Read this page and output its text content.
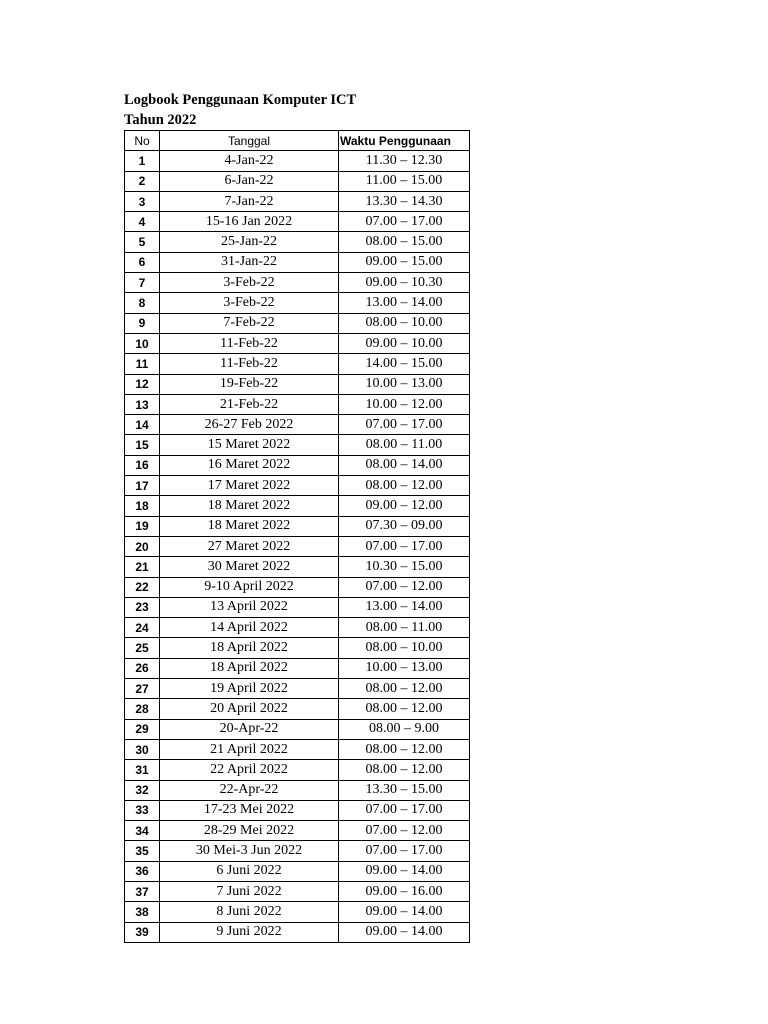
Logbook Penggunaan Komputer ICT
Tahun 2022
No	Tanggal	Waktu Penggunaan
1	4-Jan-22	11.30 – 12.30
2	6-Jan-22	11.00 – 15.00
3	7-Jan-22	13.30 – 14.30
4	15-16 Jan 2022	07.00 – 17.00
5	25-Jan-22	08.00 – 15.00
6	31-Jan-22	09.00 – 15.00
7	3-Feb-22	09.00 – 10.30
8	3-Feb-22	13.00 – 14.00
9	7-Feb-22	08.00 – 10.00
10	11-Feb-22	09.00 – 10.00
11	11-Feb-22	14.00 – 15.00
12	19-Feb-22	10.00 – 13.00
13	21-Feb-22	10.00 – 12.00
14	26-27 Feb 2022	07.00 – 17.00
15	15 Maret 2022	08.00 – 11.00
16	16 Maret 2022	08.00 – 14.00
17	17 Maret 2022	08.00 – 12.00
18	18 Maret 2022	09.00 – 12.00
19	18 Maret 2022	07.30 – 09.00
20	27 Maret 2022	07.00 – 17.00
21	30 Maret 2022	10.30 – 15.00
22	9-10 April 2022	07.00 – 12.00
23	13 April 2022	13.00 – 14.00
24	14 April 2022	08.00 – 11.00
25	18 April 2022	08.00 – 10.00
26	18 April 2022	10.00 – 13.00
27	19 April 2022	08.00 – 12.00
28	20 April 2022	08.00 – 12.00
29	20-Apr-22	08.00 – 9.00
30	21 April 2022	08.00 – 12.00
31	22 April 2022	08.00 – 12.00
32	22-Apr-22	13.30 – 15.00
33	17-23 Mei 2022	07.00 – 17.00
34	28-29 Mei 2022	07.00 – 12.00
35	30 Mei-3 Jun 2022	07.00 – 17.00
36	6 Juni 2022	09.00 – 14.00
37	7 Juni 2022	09.00 – 16.00
38	8 Juni 2022	09.00 – 14.00
39	9 Juni 2022	09.00 – 14.00
